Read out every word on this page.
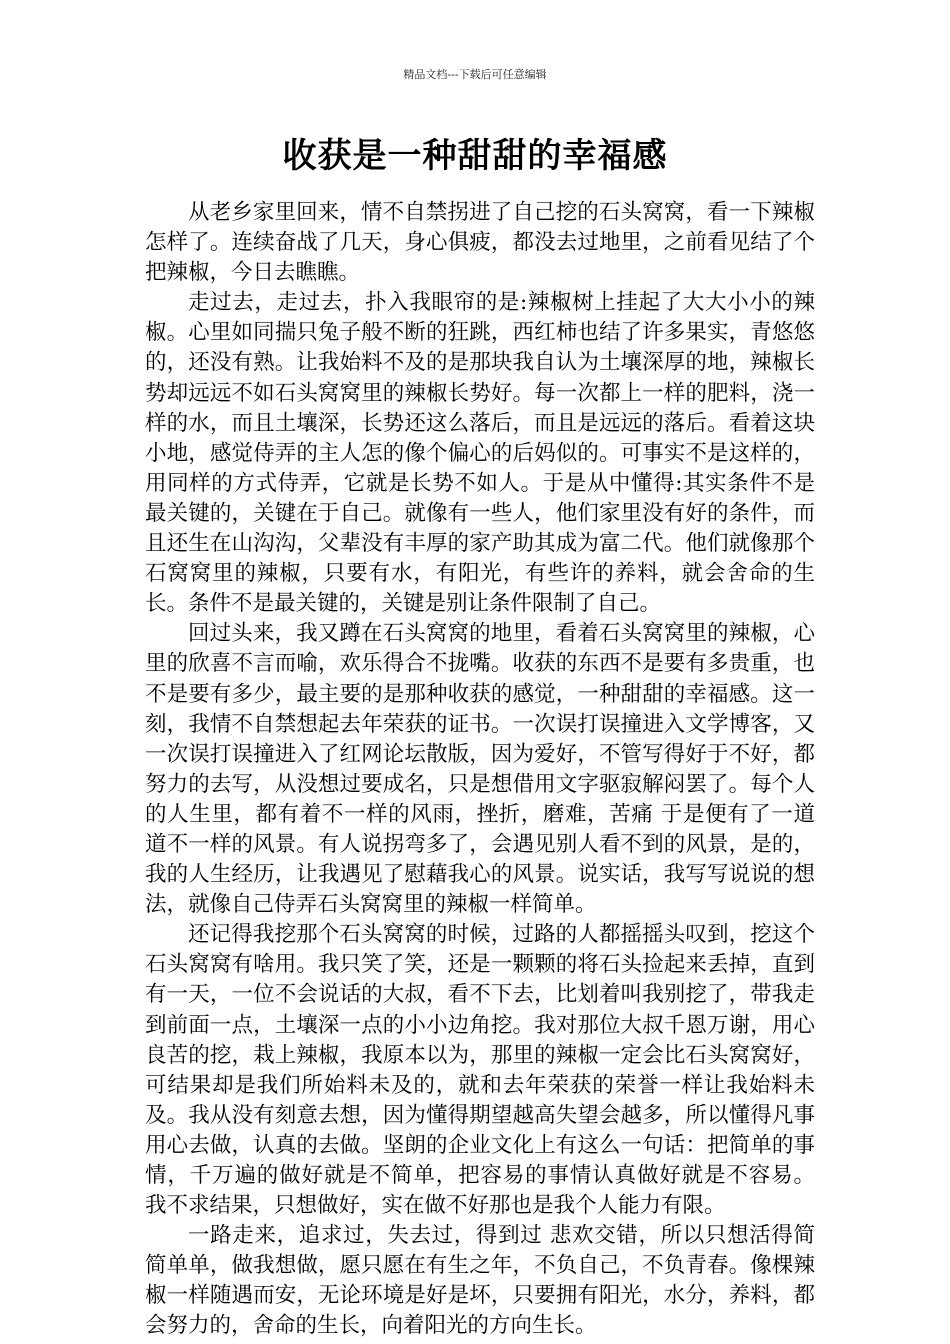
精品文档---下载后可任意编辑
收获是一种甜甜的幸福感

从老乡家里回来，情不自禁拐进了自己挖的石头窝窝，看一下辣椒怎样了。连续奋战了几天，身心俱疲，都没去过地里，之前看见结了个把辣椒，今日去瞧瞧。

走过去，走过去，扑入我眼帘的是:辣椒树上挂起了大大小小的辣椒。心里如同揣只兔子般不断的狂跳，西红柿也结了许多果实，青悠悠的，还没有熟。让我始料不及的是那块我自认为土壤深厚的地，辣椒长势却远远不如石头窝窝里的辣椒长势好。每一次都上一样的肥料，浇一样的水，而且土壤深，长势还这么落后，而且是远远的落后。看着这块小地，感觉侍弄的主人怎的像个偏心的后妈似的。可事实不是这样的，用同样的方式侍弄，它就是长势不如人。于是从中懂得:其实条件不是最关键的，关键在于自己。就像有一些人，他们家里没有好的条件，而且还生在山沟沟，父辈没有丰厚的家产助其成为富二代。他们就像那个石窝窝里的辣椒，只要有水，有阳光，有些许的养料，就会舍命的生长。条件不是最关键的，关键是别让条件限制了自己。

回过头来，我又蹲在石头窝窝的地里，看着石头窝窝里的辣椒，心里的欣喜不言而喻，欢乐得合不拢嘴。收获的东西不是要有多贵重，也不是要有多少，最主要的是那种收获的感觉，一种甜甜的幸福感。这一刻，我情不自禁想起去年荣获的证书。一次误打误撞进入文学博客，又一次误打误撞进入了红网论坛散版，因为爱好，不管写得好于不好，都努力的去写，从没想过要成名，只是想借用文字驱寂解闷罢了。每个人的人生里，都有着不一样的风雨，挫折，磨难，苦痛 于是便有了一道道不一样的风景。有人说拐弯多了，会遇见别人看不到的风景，是的，我的人生经历，让我遇见了慰藉我心的风景。说实话，我写写说说的想法，就像自己侍弄石头窝窝里的辣椒一样简单。

还记得我挖那个石头窝窝的时候，过路的人都摇摇头叹到，挖这个石头窝窝有啥用。我只笑了笑，还是一颗颗的将石头捡起来丢掉，直到有一天，一位不会说话的大叔，看不下去，比划着叫我别挖了，带我走到前面一点，土壤深一点的小小边角挖。我对那位大叔千恩万谢，用心良苦的挖，栽上辣椒，我原本以为，那里的辣椒一定会比石头窝窝好，可结果却是我们所始料未及的，就和去年荣获的荣誉一样让我始料未及。我从没有刻意去想，因为懂得期望越高失望会越多，所以懂得凡事用心去做，认真的去做。坚朗的企业文化上有这么一句话：把简单的事情，千万遍的做好就是不简单，把容易的事情认真做好就是不容易。 我不求结果，只想做好，实在做不好那也是我个人能力有限。

一路走来，追求过，失去过，得到过 悲欢交错，所以只想活得简简单单，做我想做，愿只愿在有生之年，不负自己，不负青春。像棵辣椒一样随遇而安，无论环境是好是坏，只要拥有阳光，水分，养料，都会努力的，舍命的生长，向着阳光的方向生长。
